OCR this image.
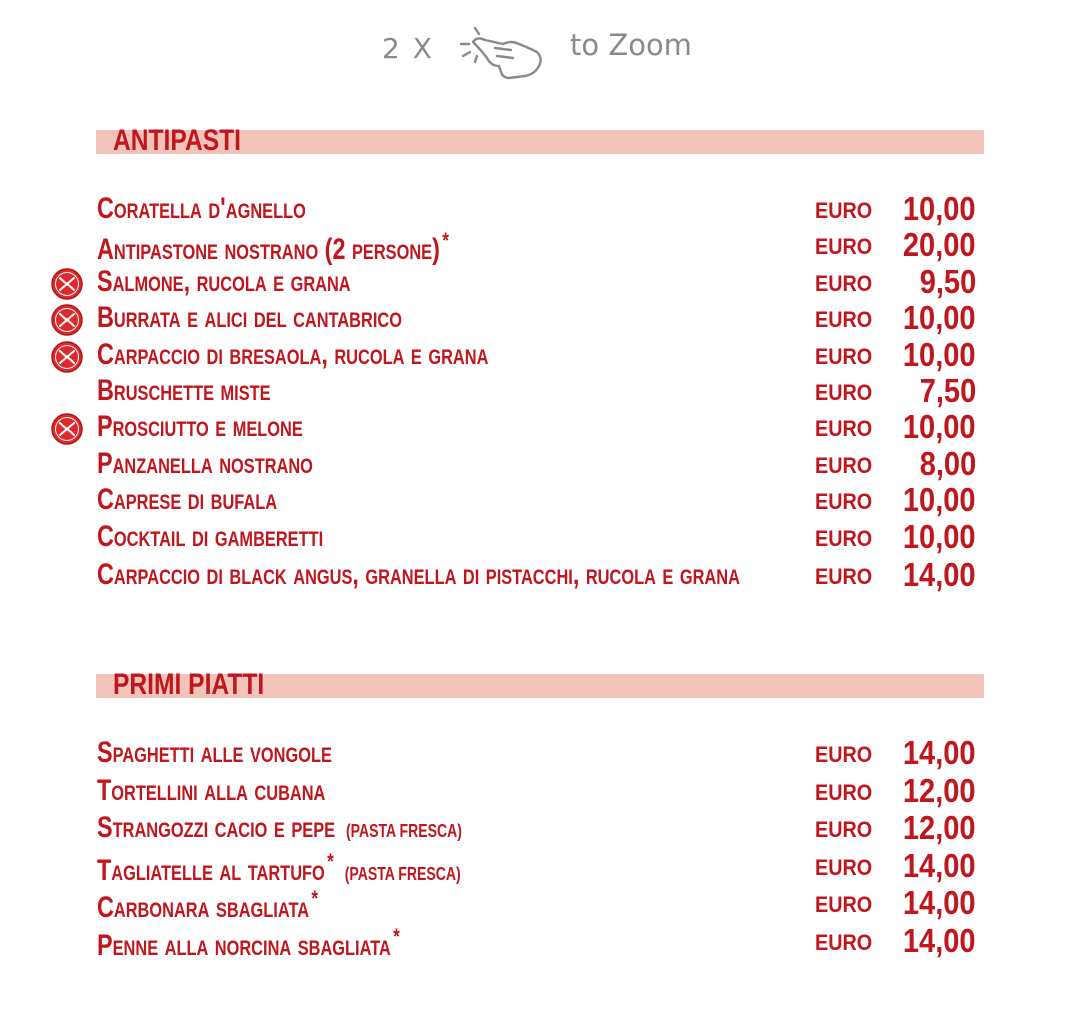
2 X	to Zoom
ANTIPASTI
Coratella d'agnello	EURO 10,00
Antipastone nostrano (2 persone) *	EURO 20,00
Salmone, rucola e grana	EURO 9,50
Burrata e alici del cantabrico	EURO 10,00
Carpaccio di bresaola, rucola e grana	EURO 10,00
Bruschette miste	EURO 7,50
Prosciutto e melone	EURO 10,00
Panzanella nostrano	EURO 8,00
Caprese di bufala	EURO 10,00
Cocktail di gamberetti	EURO 10,00
Carpaccio di black angus, granella di pistacchi, rucola e grana	EURO 14,00
PRIMI PIATTI
Spaghetti alle vongole	EURO 14,00
Tortellini alla cubana	EURO 12,00
Strangozzi cacio e pepe (PASTA FRESCA)	EURO 12,00
Tagliatelle al tartufo * (PASTA FRESCA)	EURO 14,00
Carbonara sbagliata *	EURO 14,00
Penne alla norcina sbagliata *	EURO 14,00
